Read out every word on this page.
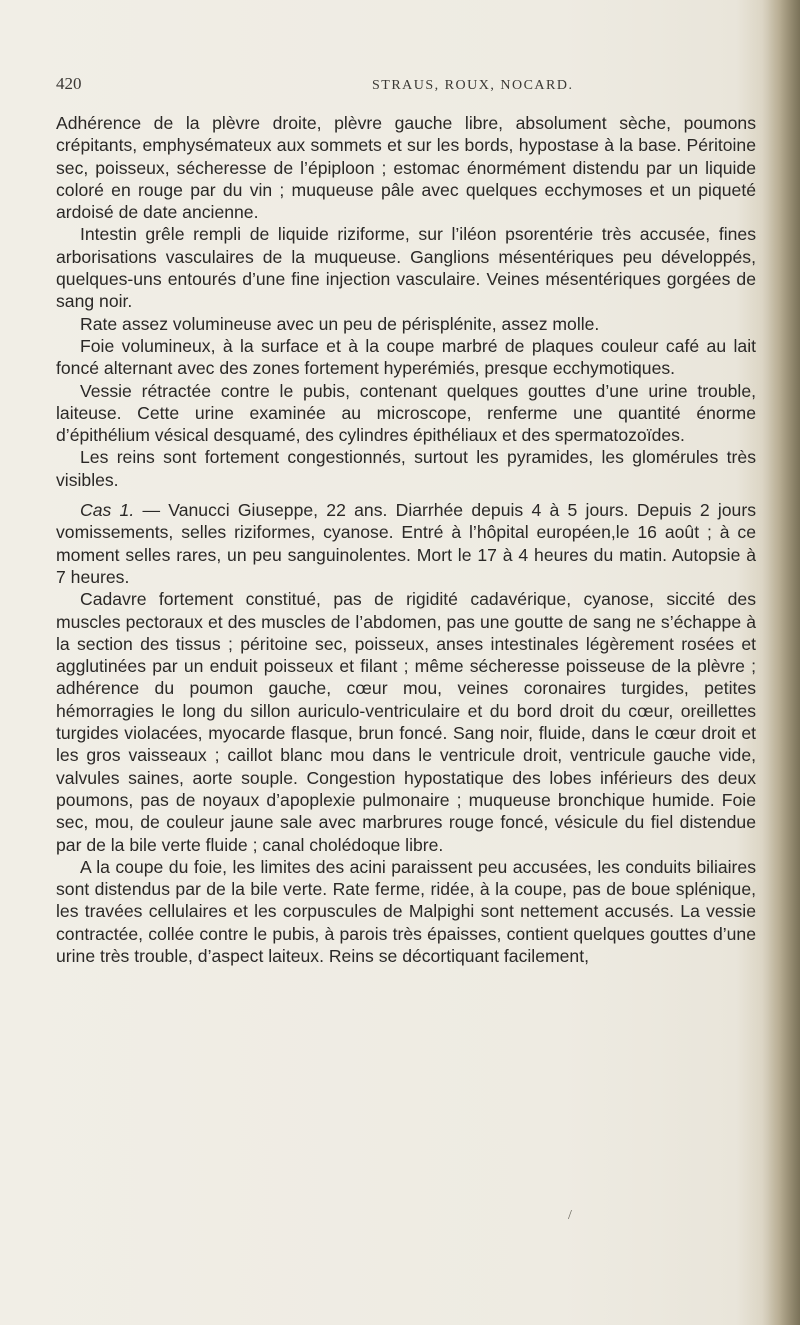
420	STRAUS, ROUX, NOCARD.

Adhérence de la plèvre droite, plèvre gauche libre, absolument sèche, poumons crépitants, emphysémateux aux sommets et sur les bords, hypostase à la base. Péritoine sec, poisseux, sécheresse de l’épiploon ; estomac énormément distendu par un liquide coloré en rouge par du vin ; muqueuse pâle avec quelques ecchymoses et un piqueté ardoisé de date ancienne.

Intestin grêle rempli de liquide riziforme, sur l’iléon psorentérie très accusée, fines arborisations vasculaires de la muqueuse. Ganglions mésentériques peu développés, quelques-uns entourés d’une fine injection vasculaire. Veines mésentériques gorgées de sang noir.

Rate assez volumineuse avec un peu de périsplénite, assez molle.

Foie volumineux, à la surface et à la coupe marbré de plaques couleur café au lait foncé alternant avec des zones fortement hyperémiés, presque ecchymotiques.

Vessie rétractée contre le pubis, contenant quelques gouttes d’une urine trouble, laiteuse. Cette urine examinée au microscope, renferme une quantité énorme d’épithélium vésical desquamé, des cylindres épithéliaux et des spermatozoïdes.

Les reins sont fortement congestionnés, surtout les pyramides, les glomérules très visibles.

Cas 1. — Vanucci Giuseppe, 22 ans. Diarrhée depuis 4 à 5 jours. Depuis 2 jours vomissements, selles riziformes, cyanose. Entré à l’hôpital européen,le 16 août ; à ce moment selles rares, un peu sanguinolentes. Mort le 17 à 4 heures du matin. Autopsie à 7 heures.

Cadavre fortement constitué, pas de rigidité cadavérique, cyanose, siccité des muscles pectoraux et des muscles de l’abdomen, pas une goutte de sang ne s’échappe à la section des tissus ; péritoine sec, poisseux, anses intestinales légèrement rosées et agglutinées par un enduit poisseux et filant ; même sécheresse poisseuse de la plèvre ; adhérence du poumon gauche, cœur mou, veines coronaires turgides, petites hémorragies le long du sillon auriculo-ventriculaire et du bord droit du cœur, oreillettes turgides violacées, myocarde flasque, brun foncé. Sang noir, fluide, dans le cœur droit et les gros vaisseaux ; caillot blanc mou dans le ventricule droit, ventricule gauche vide, valvules saines, aorte souple. Congestion hypostatique des lobes inférieurs des deux poumons, pas de noyaux d’apoplexie pulmonaire ; muqueuse bronchique humide. Foie sec, mou, de couleur jaune sale avec marbrures rouge foncé, vésicule du fiel distendue par de la bile verte fluide ; canal cholédoque libre.

A la coupe du foie, les limites des acini paraissent peu accusées, les conduits biliaires sont distendus par de la bile verte. Rate ferme, ridée, à la coupe, pas de boue splénique, les travées cellulaires et les corpuscules de Malpighi sont nettement accusés. La vessie contractée, collée contre le pubis, à parois très épaisses, contient quelques gouttes d’une urine très trouble, d’aspect laiteux. Reins se décortiquant facilement,

/
